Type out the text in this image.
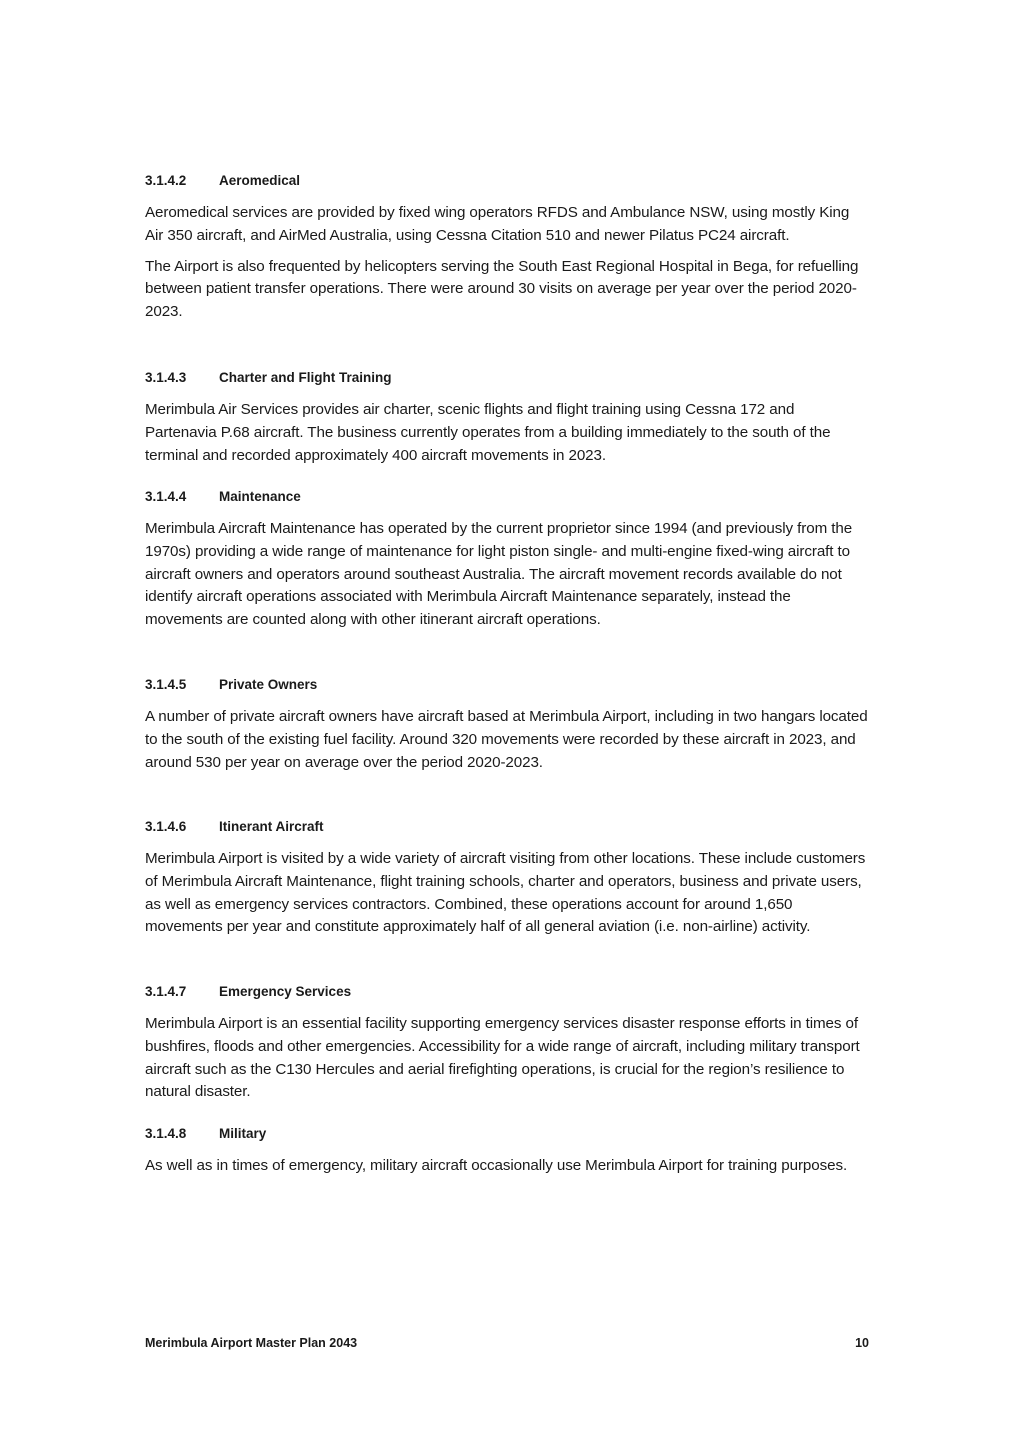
3.1.4.2	Aeromedical

Aeromedical services are provided by fixed wing operators RFDS and Ambulance NSW, using mostly King Air 350 aircraft, and AirMed Australia, using Cessna Citation 510 and newer Pilatus PC24 aircraft.

The Airport is also frequented by helicopters serving the South East Regional Hospital in Bega, for refuelling between patient transfer operations. There were around 30 visits on average per year over the period 2020-2023.

3.1.4.3	Charter and Flight Training

Merimbula Air Services provides air charter, scenic flights and flight training using Cessna 172 and Partenavia P.68 aircraft. The business currently operates from a building immediately to the south of the terminal and recorded approximately 400 aircraft movements in 2023.

3.1.4.4	Maintenance

Merimbula Aircraft Maintenance has operated by the current proprietor since 1994 (and previously from the 1970s) providing a wide range of maintenance for light piston single- and multi-engine fixed-wing aircraft to aircraft owners and operators around southeast Australia. The aircraft movement records available do not identify aircraft operations associated with Merimbula Aircraft Maintenance separately, instead the movements are counted along with other itinerant aircraft operations.

3.1.4.5	Private Owners

A number of private aircraft owners have aircraft based at Merimbula Airport, including in two hangars located to the south of the existing fuel facility. Around 320 movements were recorded by these aircraft in 2023, and around 530 per year on average over the period 2020-2023.

3.1.4.6	Itinerant Aircraft

Merimbula Airport is visited by a wide variety of aircraft visiting from other locations. These include customers of Merimbula Aircraft Maintenance, flight training schools, charter and operators, business and private users, as well as emergency services contractors. Combined, these operations account for around 1,650 movements per year and constitute approximately half of all general aviation (i.e. non-airline) activity.

3.1.4.7	Emergency Services

Merimbula Airport is an essential facility supporting emergency services disaster response efforts in times of bushfires, floods and other emergencies. Accessibility for a wide range of aircraft, including military transport aircraft such as the C130 Hercules and aerial firefighting operations, is crucial for the region’s resilience to natural disaster.

3.1.4.8	Military

As well as in times of emergency, military aircraft occasionally use Merimbula Airport for training purposes.

Merimbula Airport Master Plan 2043	10
